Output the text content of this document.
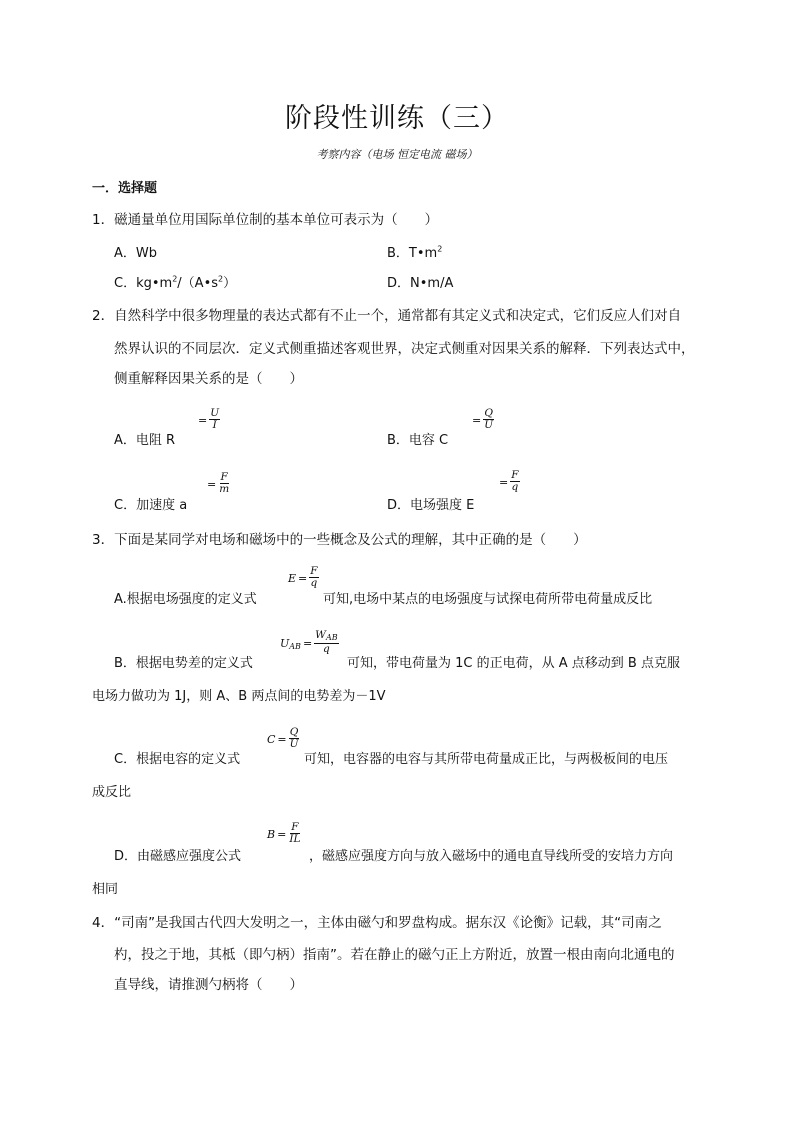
阶段性训练（三）
考察内容（电场 恒定电流 磁场）
一．选择题
1．磁通量单位用国际单位制的基本单位可表示为（　　）
A．Wb	B．$T•m^2$
C．$kg•m^2/(A•s^2)$	D．N•m/A
2．自然科学中很多物理量的表达式都有不止一个，通常都有其定义式和决定式，它们反应人们对自
然界认识的不同层次．定义式侧重描述客观世界，决定式侧重对因果关系的解释．下列表达式中，
侧重解释因果关系的是（　　）
A．电阻 R
= $\frac{U}{I}$
B．电容 C
= $\frac{Q}{U}$
C．加速度 a
= $\frac{F}{m}$
D．电场强度 E
= $\frac{F}{q}$
3．下面是某同学对电场和磁场中的一些概念及公式的理解，其中正确的是（　　）
A.根据电场强度的定义式
$E = \frac{F}{q}$
可知,电场中某点的电场强度与试探电荷所带电荷量成反比
B．根据电势差的定义式
$U_{AB} = \frac{W_{AB}}{q}$
可知，带电荷量为 1C 的正电荷，从 A 点移动到 B 点克服
电场力做功为 1J，则 A、B 两点间的电势差为－1V
C．根据电容的定义式
$C = \frac{Q}{U}$
可知，电容器的电容与其所带电荷量成正比，与两极板间的电压
成反比
D．由磁感应强度公式
$B = \frac{F}{IL}$
，磁感应强度方向与放入磁场中的通电直导线所受的安培力方向
相同
4．“司南”是我国古代四大发明之一，主体由磁勺和罗盘构成。据东汉《论衡》记载，其“司南之
杓，投之于地，其柢（即勺柄）指南”。若在静止的磁勺正上方附近，放置一根由南向北通电的
直导线，请推测勺柄将（　　）
